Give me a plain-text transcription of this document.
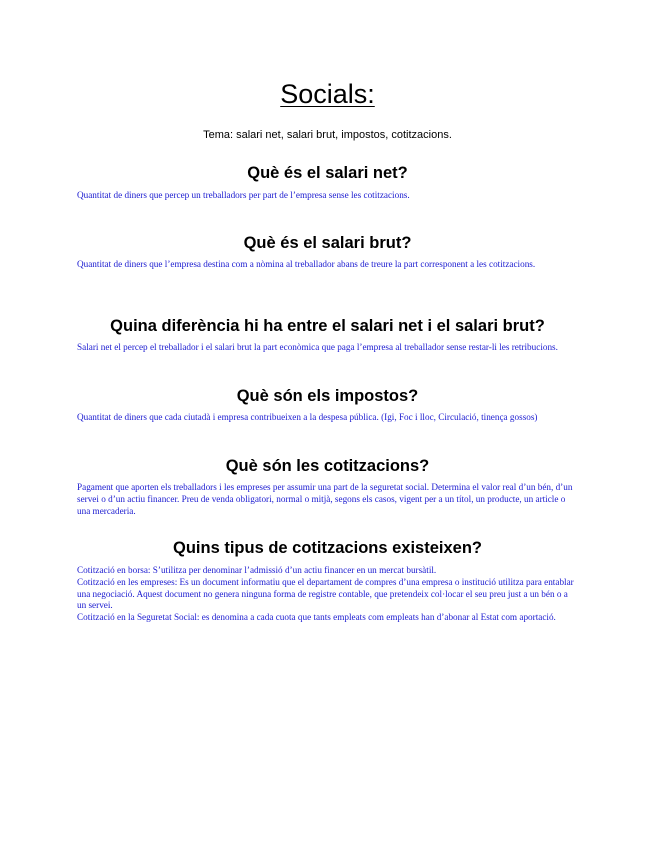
Socials:

Tema: salari net, salari brut, impostos, cotitzacions.

Què és el salari net?

Quantitat de diners que percep un treballadors per part de l’empresa sense les cotitzacions.

Què és el salari brut?

Quantitat de diners que l’empresa destina com a nòmina al treballador abans de treure la part corresponent a les cotitzacions.

Quina diferència hi ha entre el salari net i el salari brut?

Salari net el percep el treballador i el salari brut la part econòmica que paga l’empresa al treballador sense restar-li les retribucions.

Què són els impostos?

Quantitat de diners que cada ciutadà i empresa contribueixen a la despesa pública. (Igi, Foc i lloc, Circulació, tinença gossos)

Què són les cotitzacions?

Pagament que aporten els treballadors i les empreses per assumir una part de la seguretat social. Determina el valor real d’un bén, d’un servei o d’un actiu financer. Preu de venda obligatori, normal o mitjà, segons els casos, vigent per a un títol, un producte, un article o una mercaderia.

Quins tipus de cotitzacions existeixen?

Cotització en borsa: S’utilitza per denominar l’admissió d’un actiu financer en un mercat bursàtil.

Cotització en les empreses: Es un document informatiu que el departament de compres d’una empresa o institució utilitza para entablar una negociació. Aquest document no genera ninguna forma de registre contable, que pretendeix col·locar el seu preu just a un bén o a un servei.

Cotització en la Seguretat Social: es denomina a cada cuota que tants empleats com empleats han d’abonar al Estat com aportació.
